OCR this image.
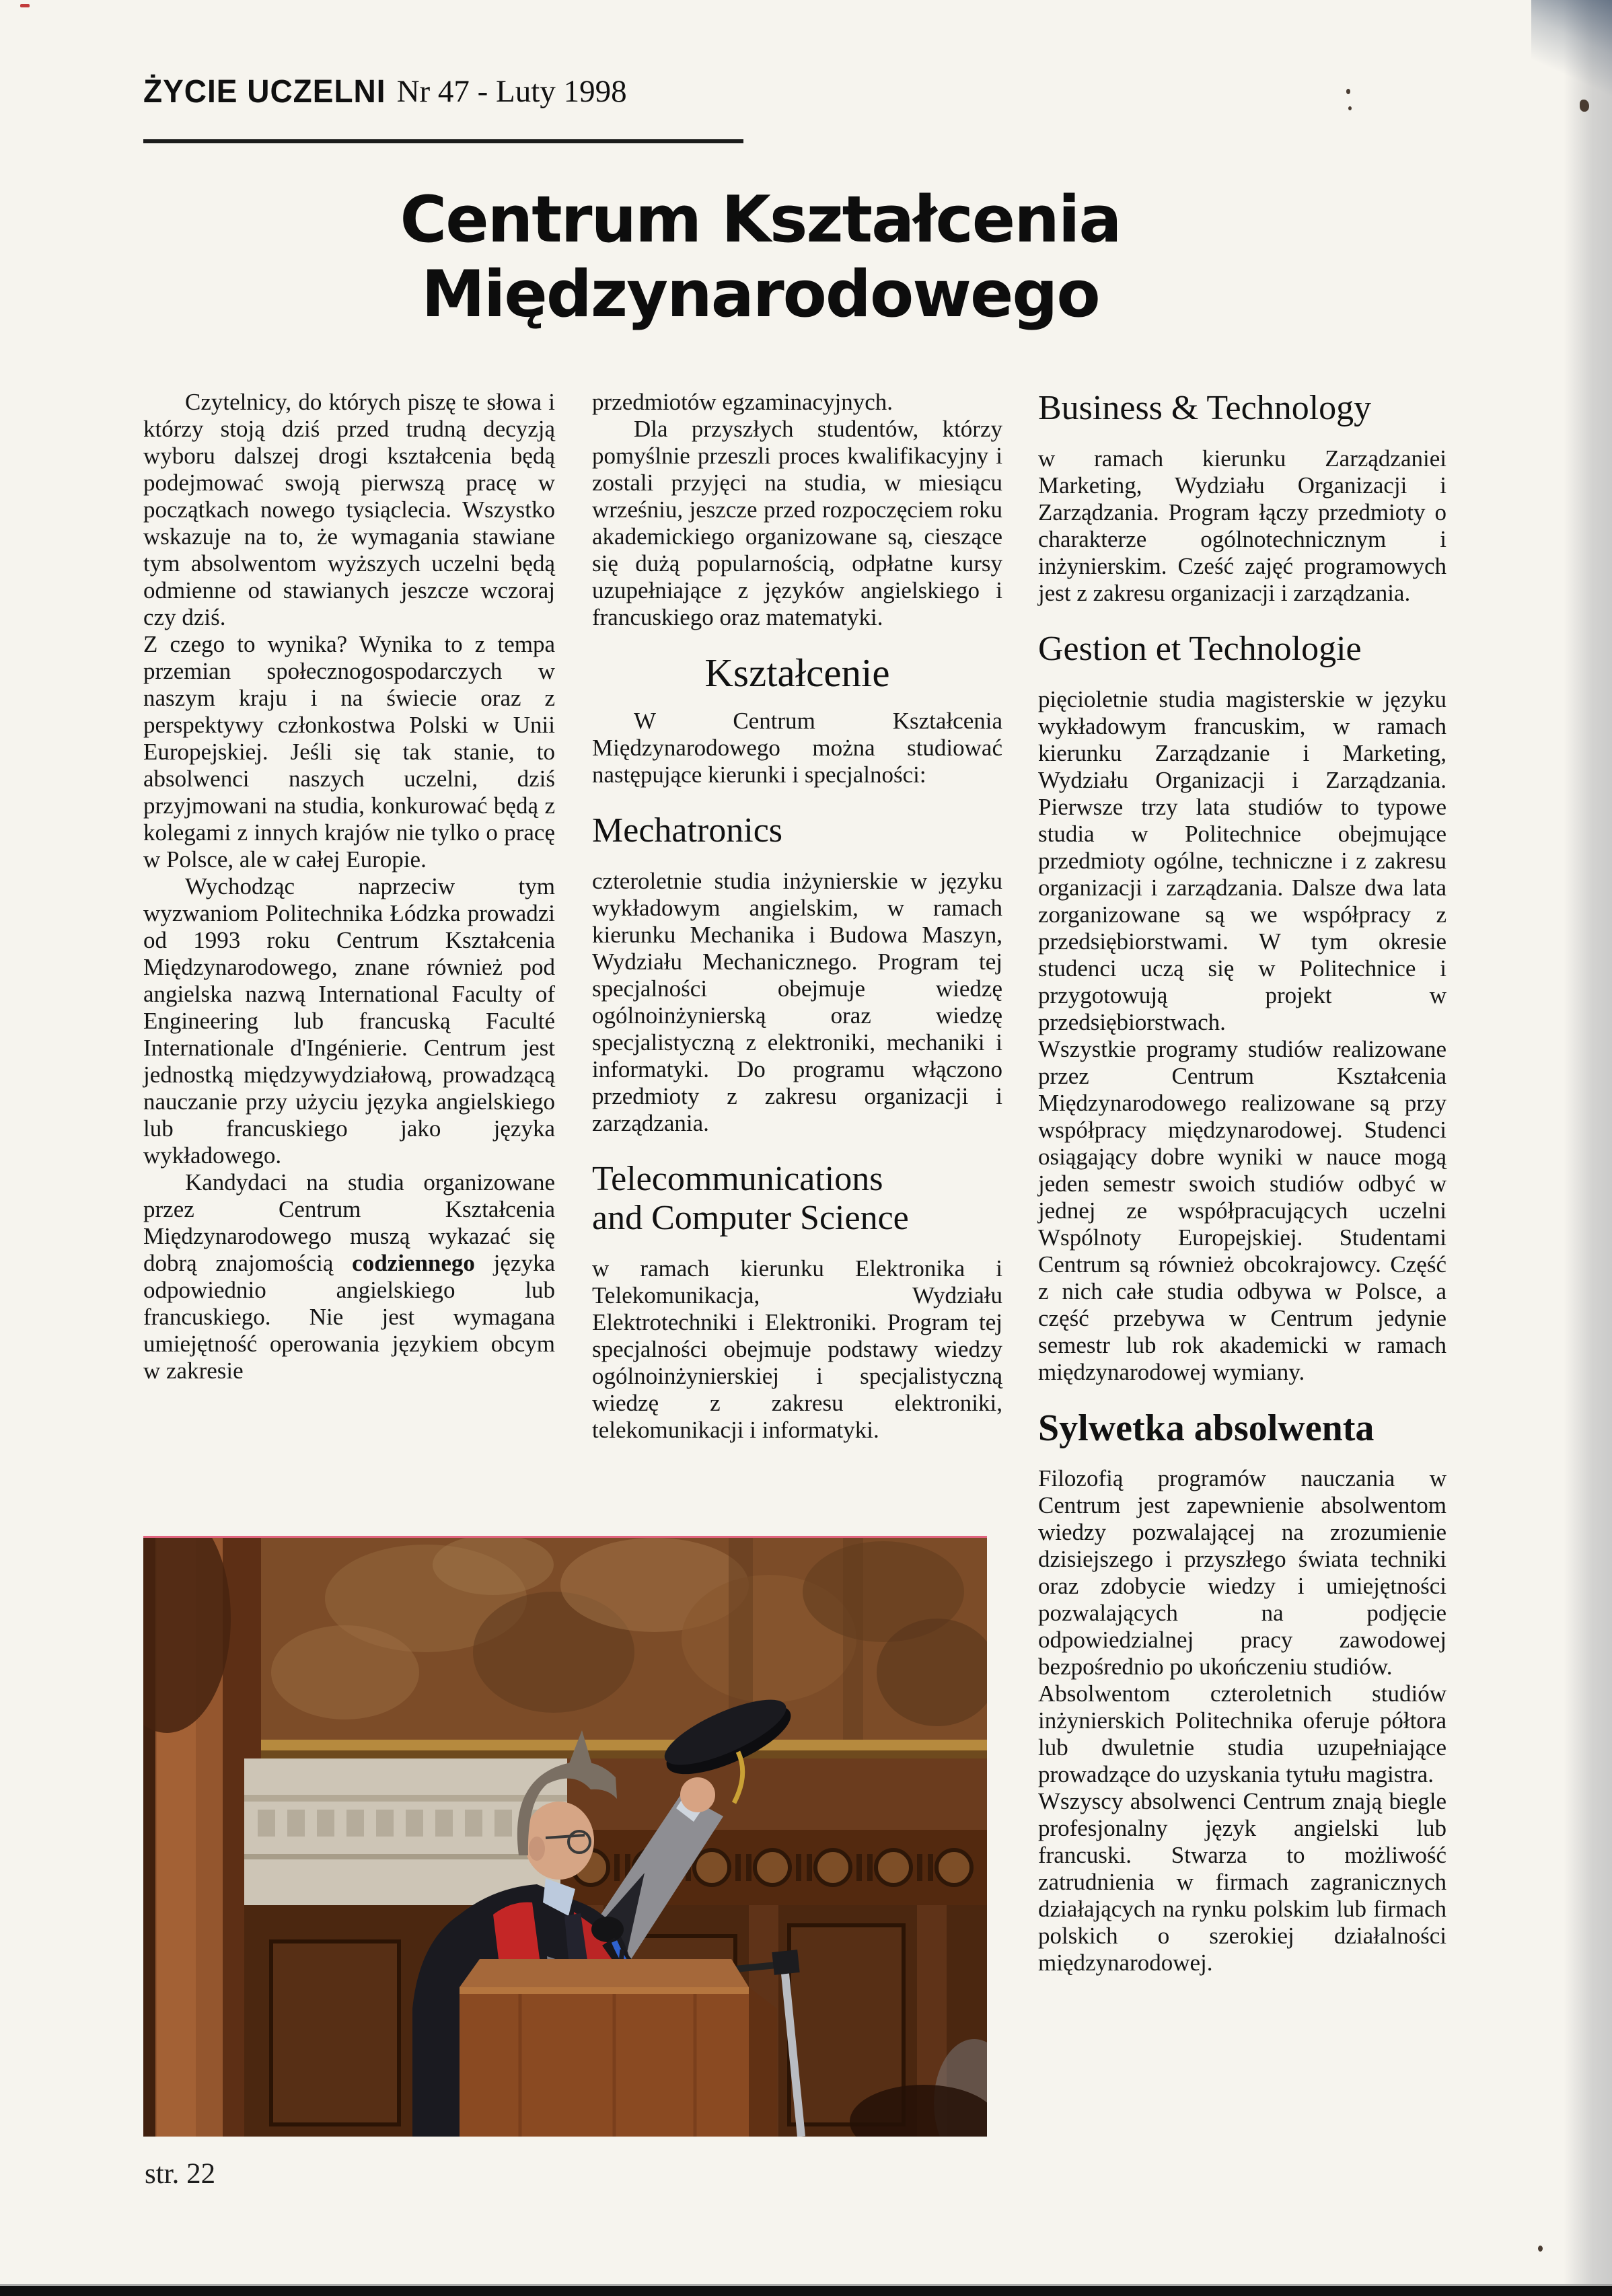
ŻYCIE UCZELNI Nr 47 - Luty 1998
Centrum Kształcenia
Międzynarodowego

Czytelnicy, do których piszę te słowa i którzy stoją dziś przed trudną decyzją wyboru dalszej drogi kształcenia będą podejmować swoją pierwszą pracę w początkach nowego tysiąclecia. Wszystko wskazuje na to, że wymagania stawiane tym absolwentom wyższych uczelni będą odmienne od stawianych jeszcze wczoraj czy dziś.

Z czego to wynika? Wynika to z tempa przemian społecznogospodarczych w naszym kraju i na świecie oraz z perspektywy członkostwa Polski w Unii Europejskiej. Jeśli się tak stanie, to absolwenci naszych uczelni, dziś przyjmowani na studia, konkurować będą z kolegami z innych krajów nie tylko o pracę w Polsce, ale w całej Europie.

Wychodząc naprzeciw tym wyzwaniom Politechnika Łódzka prowadzi od 1993 roku Centrum Kształcenia Międzynarodowego, znane również pod angielska nazwą International Faculty of Engineering lub francuską Faculté Internationale d'Ingénierie. Centrum jest jednostką międzywydziałową, prowadzącą nauczanie przy użyciu języka angielskiego lub francuskiego jako języka wykładowego.

Kandydaci na studia organizowane przez Centrum Kształcenia Międzynarodowego muszą wykazać się dobrą znajomością codziennego języka odpowiednio angielskiego lub francuskiego. Nie jest wymagana umiejętność operowania językiem obcym w zakresie

przedmiotów egzaminacyjnych.

Dla przyszłych studentów, którzy pomyślnie przeszli proces kwalifikacyjny i zostali przyjęci na studia, w miesiącu wrześniu, jeszcze przed rozpoczęciem roku akademickiego organizowane są, cieszące się dużą popularnością, odpłatne kursy uzupełniające z języków angielskiego i francuskiego oraz matematyki.

Kształcenie

W Centrum Kształcenia Międzynarodowego można studiować następujące kierunki i specjalności:

Mechatronics

czteroletnie studia inżynierskie w języku wykładowym angielskim, w ramach kierunku Mechanika i Budowa Maszyn, Wydziału Mechanicznego. Program tej specjalności obejmuje wiedzę ogólnoinżynierską oraz wiedzę specjalistyczną z elektroniki, mechaniki i informatyki. Do programu włączono przedmioty z zakresu organizacji i zarządzania.

Telecommunications
and Computer Science

w ramach kierunku Elektronika i Telekomunikacja, Wydziału Elektrotechniki i Elektroniki. Program tej specjalności obejmuje podstawy wiedzy ogólnoinżynierskiej i specjalistyczną wiedzę z zakresu elektroniki, telekomunikacji i informatyki.

Business & Technology

w ramach kierunku Zarządzaniei Marketing, Wydziału Organizacji i Zarządzania. Program łączy przedmioty o charakterze ogólnotechnicznym i inżynierskim. Cześć zajęć programowych jest z zakresu organizacji i zarządzania.

Gestion et Technologie

pięcioletnie studia magisterskie w języku wykładowym francuskim, w ramach kierunku Zarządzanie i Marketing, Wydziału Organizacji i Zarządzania. Pierwsze trzy lata studiów to typowe studia w Politechnice obejmujące przedmioty ogólne, techniczne i z zakresu organizacji i zarządzania. Dalsze dwa lata zorganizowane są we współpracy z przedsiębiorstwami. W tym okresie studenci uczą się w Politechnice i przygotowują projekt w przedsiębiorstwach.

Wszystkie programy studiów realizowane przez Centrum Kształcenia Międzynarodowego realizowane są przy współpracy międzynarodowej. Studenci osiągający dobre wyniki w nauce mogą jeden semestr swoich studiów odbyć w jednej ze współpracujących uczelni Wspólnoty Europejskiej. Studentami Centrum są również obcokrajowcy. Część z nich całe studia odbywa w Polsce, a część przebywa w Centrum jedynie semestr lub rok akademicki w ramach międzynarodowej wymiany.

Sylwetka absolwenta

Filozofią programów nauczania w Centrum jest zapewnienie absolwentom wiedzy pozwalającej na zrozumienie dzisiejszego i przyszłego świata techniki oraz zdobycie wiedzy i umiejętności pozwalających na podjęcie odpowiedzialnej pracy zawodowej bezpośrednio po ukończeniu studiów.

Absolwentom czteroletnich studiów inżynierskich Politechnika oferuje półtora lub dwuletnie studia uzupełniające prowadzące do uzyskania tytułu magistra.

Wszyscy absolwenci Centrum znają biegle profesjonalny język angielski lub francuski. Stwarza to możliwość zatrudnienia w firmach zagranicznych działających na rynku polskim lub firmach polskich o szerokiej działalności międzynarodowej.

str. 22
